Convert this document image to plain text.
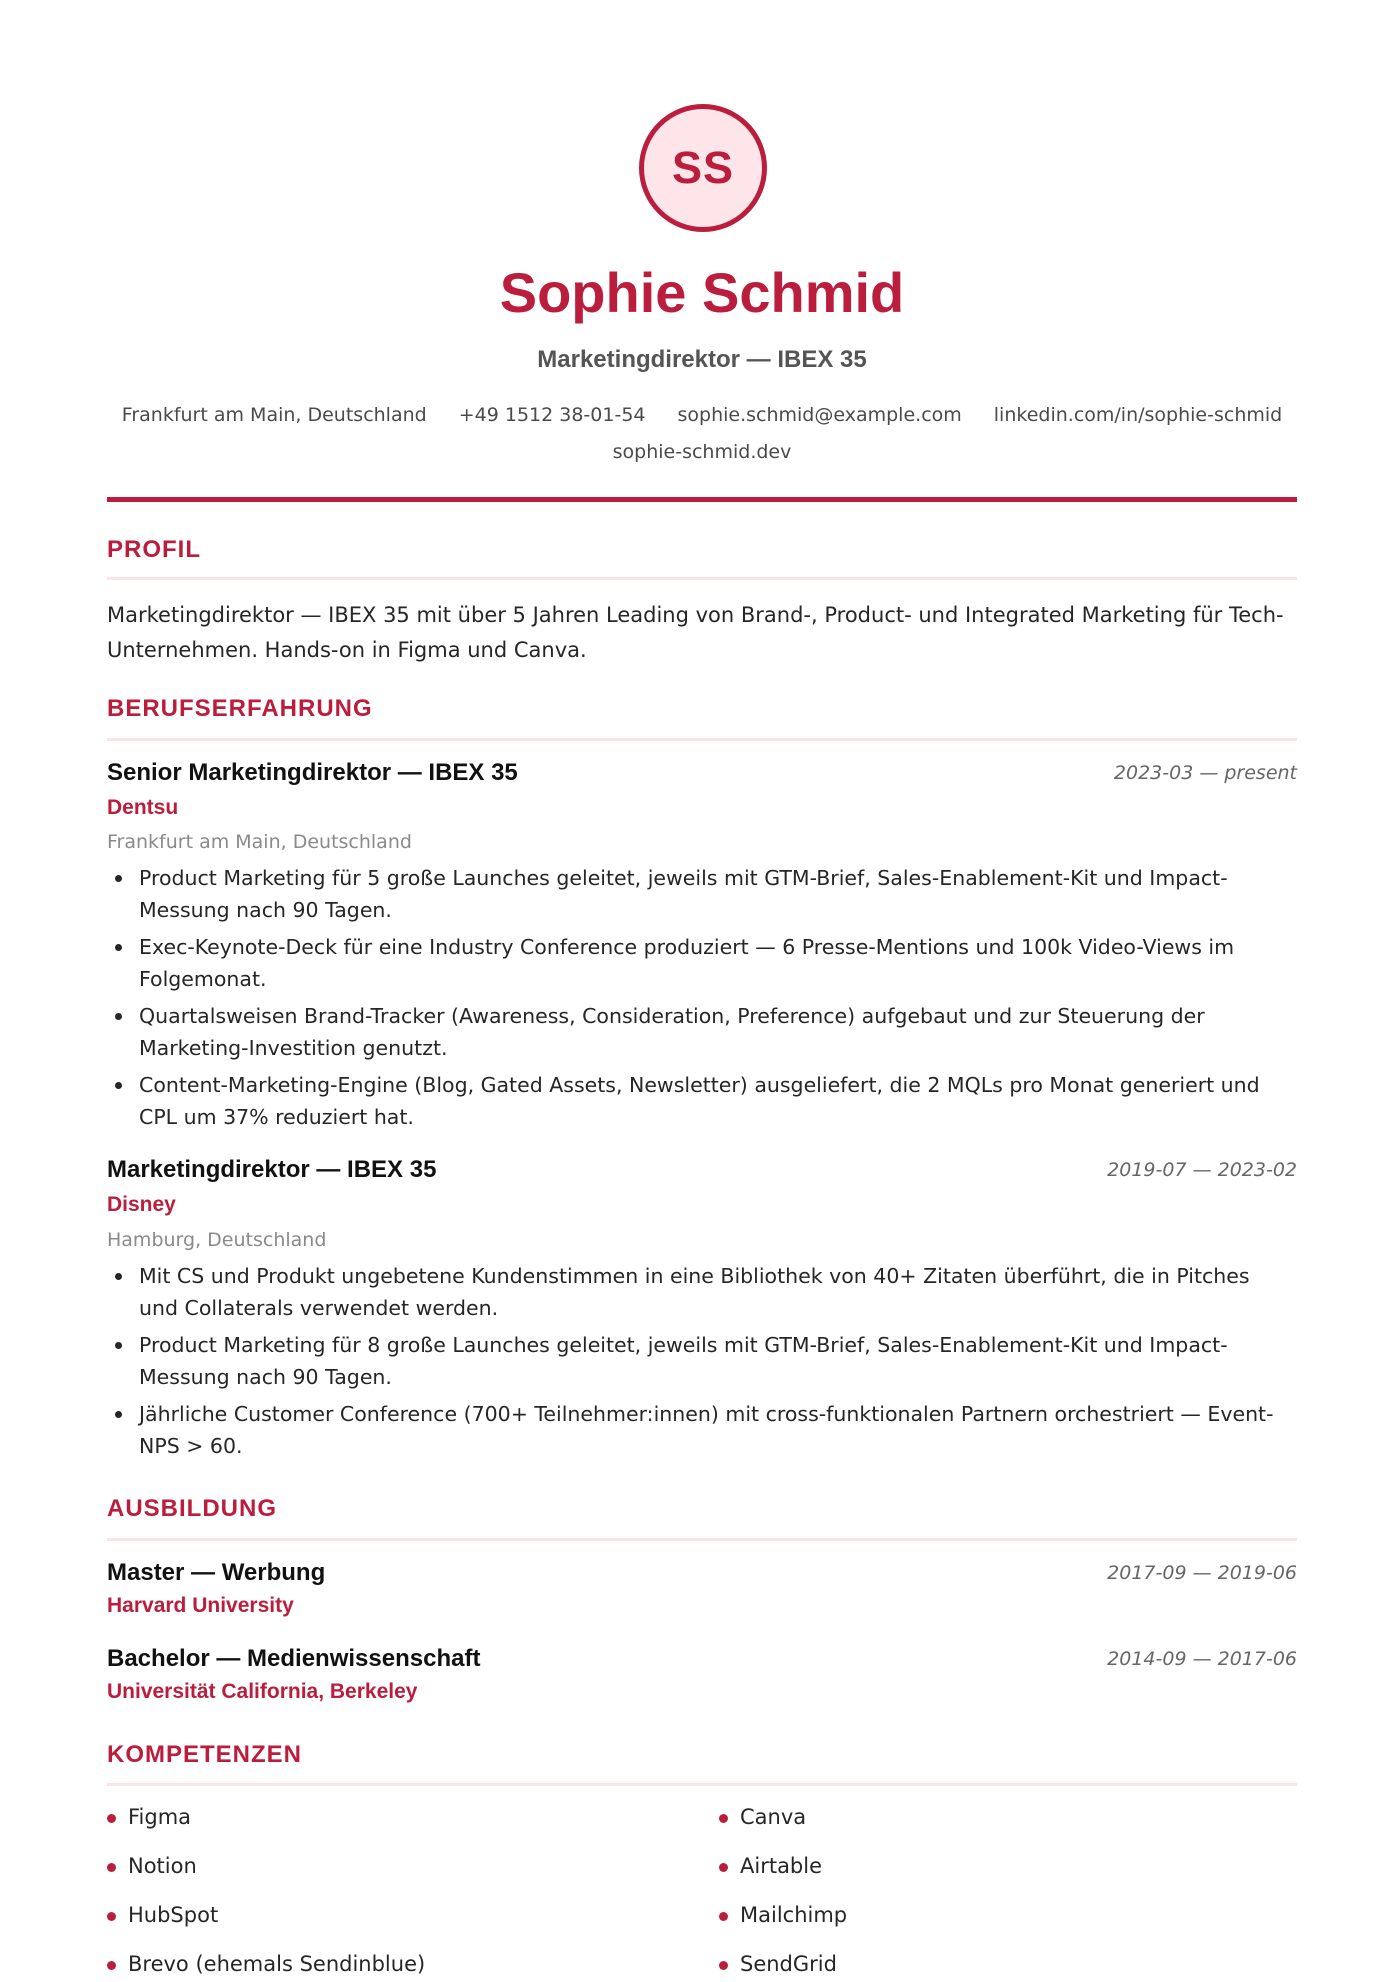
SS
Sophie Schmid
Marketingdirektor — IBEX 35
Frankfurt am Main, Deutschland +49 1512 38-01-54 sophie.schmid@example.com linkedin.com/in/sophie-schmid
sophie-schmid.dev
PROFIL
Marketingdirektor — IBEX 35 mit über 5 Jahren Leading von Brand-, Product- und Integrated Marketing für Tech-Unternehmen. Hands-on in Figma und Canva.
BERUFSERFAHRUNG
Senior Marketingdirektor — IBEX 35	2023-03 — present
Dentsu
Frankfurt am Main, Deutschland
Product Marketing für 5 große Launches geleitet, jeweils mit GTM-Brief, Sales-Enablement-Kit und Impact-Messung nach 90 Tagen.
Exec-Keynote-Deck für eine Industry Conference produziert — 6 Presse-Mentions und 100k Video-Views im Folgemonat.
Quartalsweisen Brand-Tracker (Awareness, Consideration, Preference) aufgebaut und zur Steuerung der Marketing-Investition genutzt.
Content-Marketing-Engine (Blog, Gated Assets, Newsletter) ausgeliefert, die 2 MQLs pro Monat generiert und CPL um 37% reduziert hat.
Marketingdirektor — IBEX 35	2019-07 — 2023-02
Disney
Hamburg, Deutschland
Mit CS und Produkt ungebetene Kundenstimmen in eine Bibliothek von 40+ Zitaten überführt, die in Pitches und Collaterals verwendet werden.
Product Marketing für 8 große Launches geleitet, jeweils mit GTM-Brief, Sales-Enablement-Kit und Impact-Messung nach 90 Tagen.
Jährliche Customer Conference (700+ Teilnehmer:innen) mit cross-funktionalen Partnern orchestriert — Event-NPS > 60.
AUSBILDUNG
Master — Werbung	2017-09 — 2019-06
Harvard University
Bachelor — Medienwissenschaft	2014-09 — 2017-06
Universität California, Berkeley
KOMPETENZEN
Figma	Canva
Notion	Airtable
HubSpot	Mailchimp
Brevo (ehemals Sendinblue)	SendGrid
